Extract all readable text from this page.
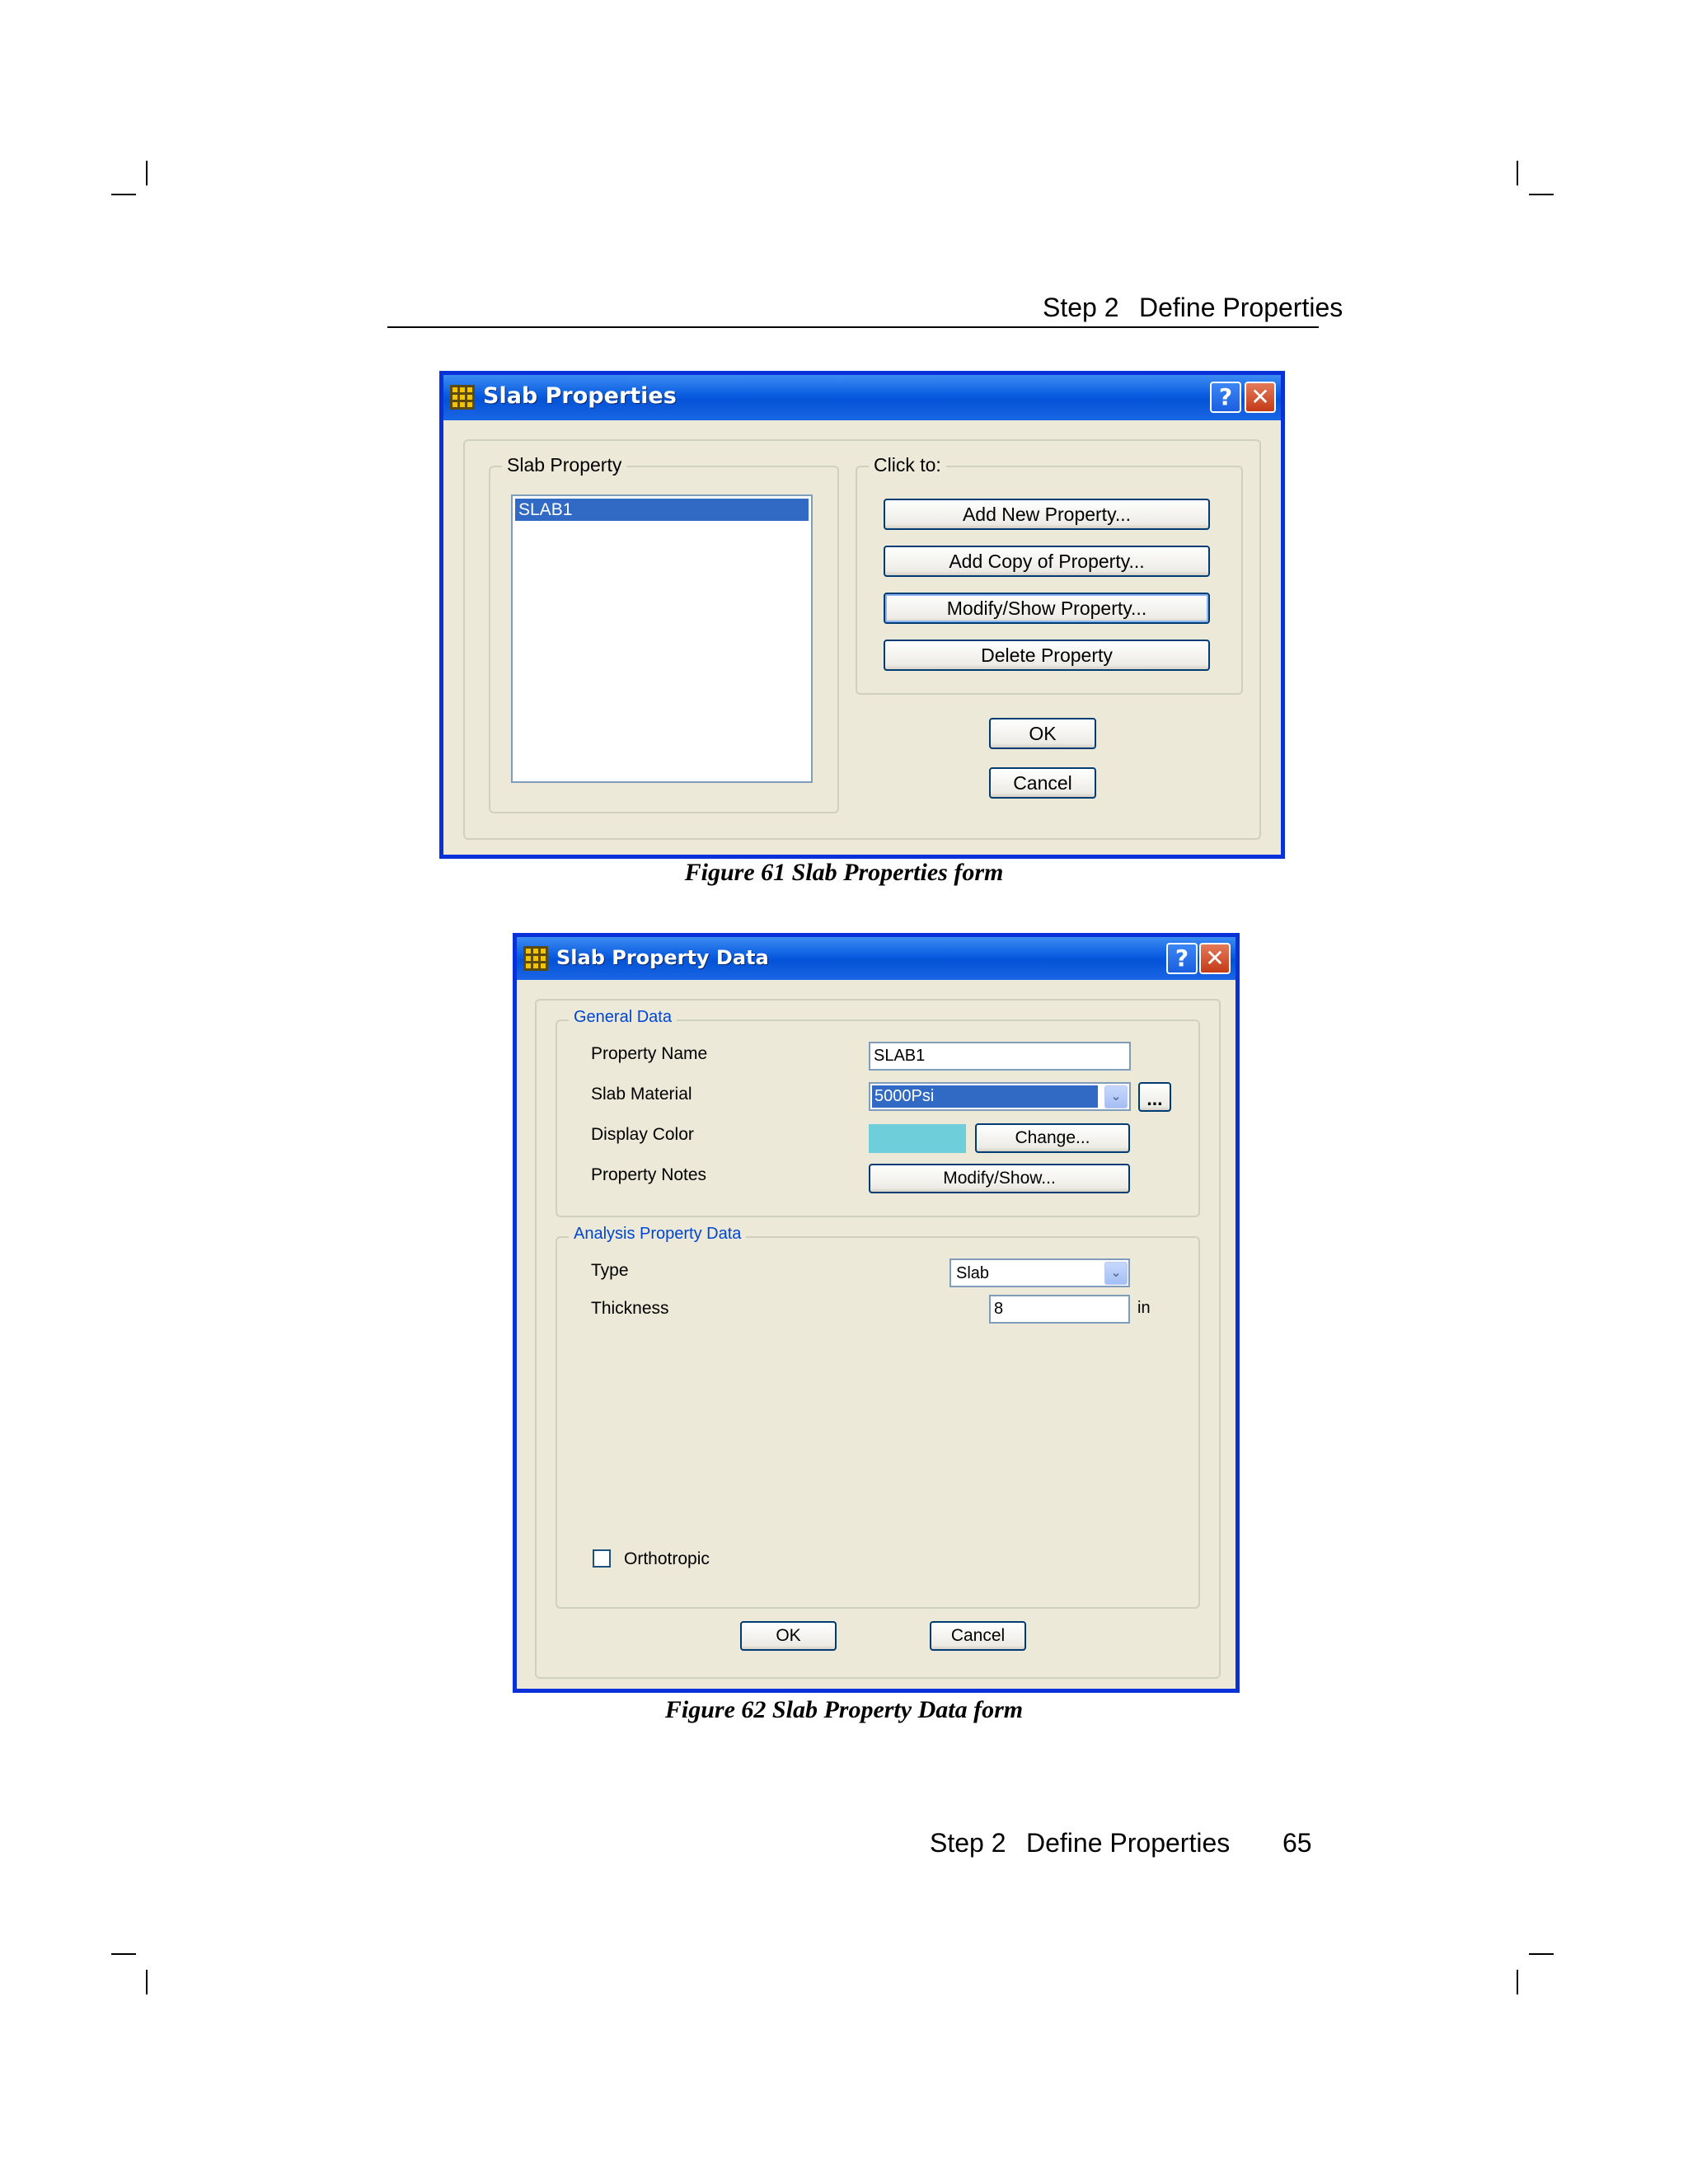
Step 2 Define Properties
Slab Properties	? ✕
Slab Property
SLAB1
Click to:
Add New Property...
Add Copy of Property...
Modify/Show Property...
Delete Property
OK
Cancel
Figure 61 Slab Properties form
Slab Property Data	? ✕
General Data
Property Name	SLAB1
Slab Material	5000Psi	⌄	...
Display Color	Change...
Property Notes	Modify/Show...
Analysis Property Data
Type	Slab	⌄
Thickness	8	in
Orthotropic
OK	Cancel
Figure 62 Slab Property Data form
Step 2 Define Properties 65
